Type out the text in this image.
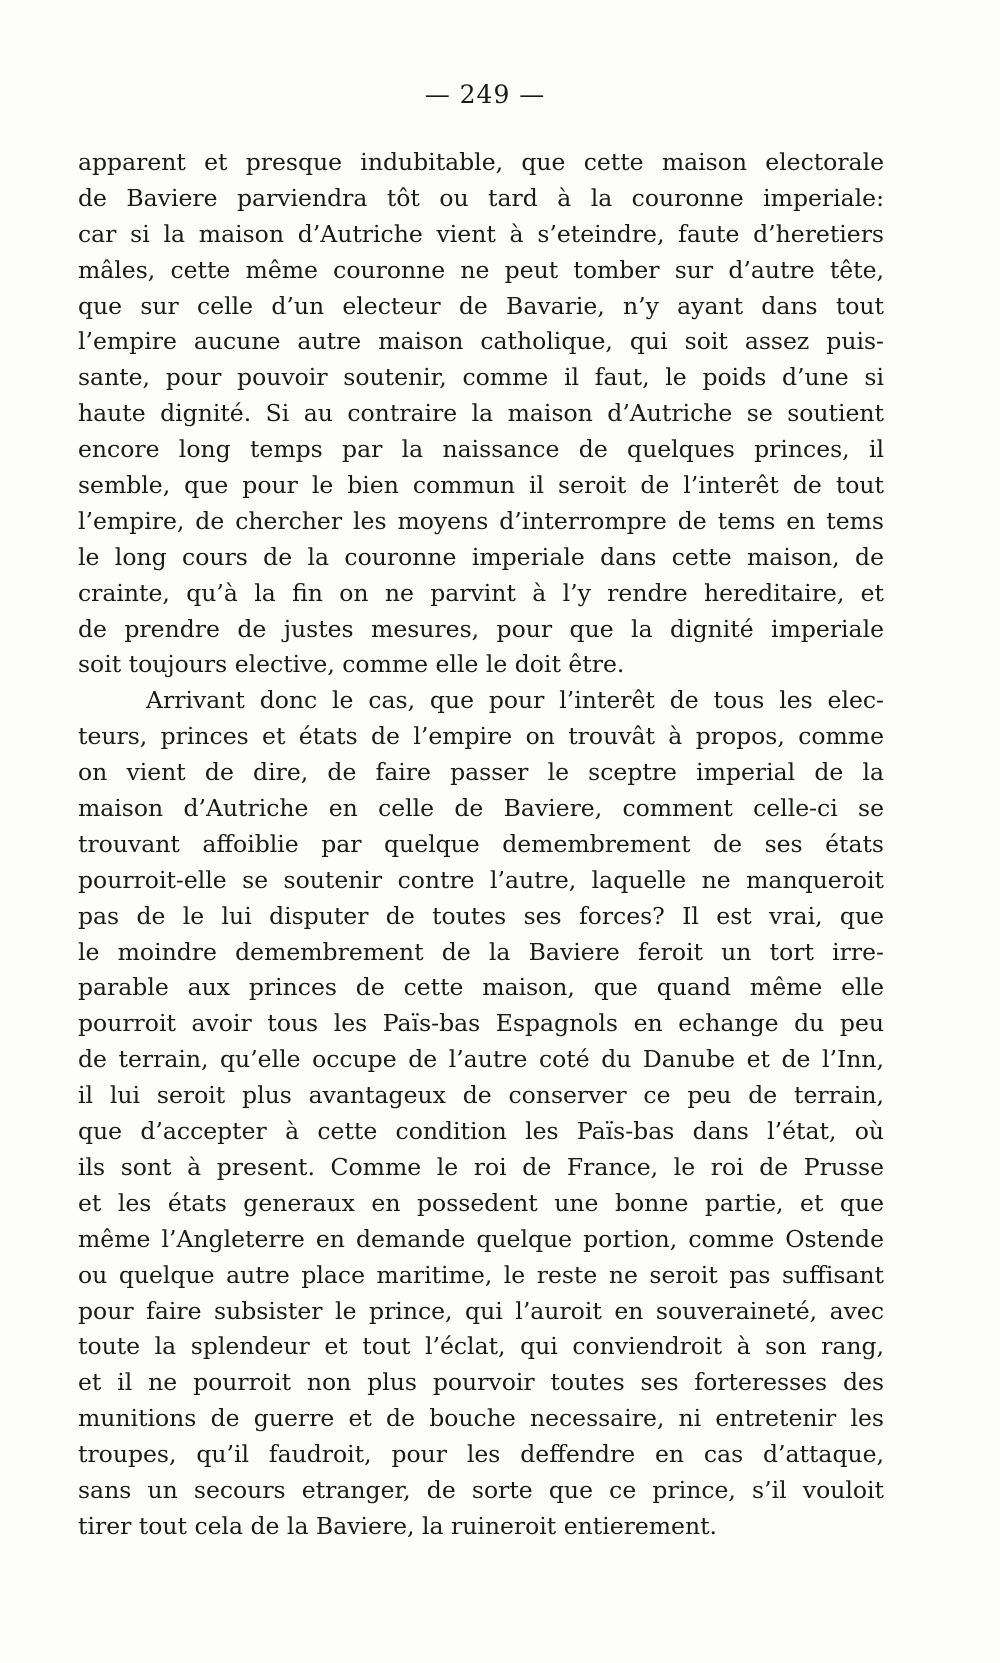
— 249 —

apparent et presque indubitable, que cette maison electorale
de Baviere parviendra tôt ou tard à la couronne imperiale:
car si la maison d’Autriche vient à s’eteindre, faute d’heretiers
mâles, cette même couronne ne peut tomber sur d’autre tête,
que sur celle d’un electeur de Bavarie, n’y ayant dans tout
l’empire aucune autre maison catholique, qui soit assez puis-
sante, pour pouvoir soutenir, comme il faut, le poids d’une si
haute dignité. Si au contraire la maison d’Autriche se soutient
encore long temps par la naissance de quelques princes, il
semble, que pour le bien commun il seroit de l’interêt de tout
l’empire, de chercher les moyens d’interrompre de tems en tems
le long cours de la couronne imperiale dans cette maison, de
crainte, qu’à la fin on ne parvint à l’y rendre hereditaire, et
de prendre de justes mesures, pour que la dignité imperiale
soit toujours elective, comme elle le doit être.
Arrivant donc le cas, que pour l’interêt de tous les elec-
teurs, princes et états de l’empire on trouvât à propos, comme
on vient de dire, de faire passer le sceptre imperial de la
maison d’Autriche en celle de Baviere, comment celle-ci se
trouvant affoiblie par quelque demembrement de ses états
pourroit-elle se soutenir contre l’autre, laquelle ne manqueroit
pas de le lui disputer de toutes ses forces? Il est vrai, que
le moindre demembrement de la Baviere feroit un tort irre-
parable aux princes de cette maison, que quand même elle
pourroit avoir tous les Païs-bas Espagnols en echange du peu
de terrain, qu’elle occupe de l’autre coté du Danube et de l’Inn,
il lui seroit plus avantageux de conserver ce peu de terrain,
que d’accepter à cette condition les Païs-bas dans l’état, où
ils sont à present. Comme le roi de France, le roi de Prusse
et les états generaux en possedent une bonne partie, et que
même l’Angleterre en demande quelque portion, comme Ostende
ou quelque autre place maritime, le reste ne seroit pas suffisant
pour faire subsister le prince, qui l’auroit en souveraineté, avec
toute la splendeur et tout l’éclat, qui conviendroit à son rang,
et il ne pourroit non plus pourvoir toutes ses forteresses des
munitions de guerre et de bouche necessaire, ni entretenir les
troupes, qu’il faudroit, pour les deffendre en cas d’attaque,
sans un secours etranger, de sorte que ce prince, s’il vouloit
tirer tout cela de la Baviere, la ruineroit entierement.
